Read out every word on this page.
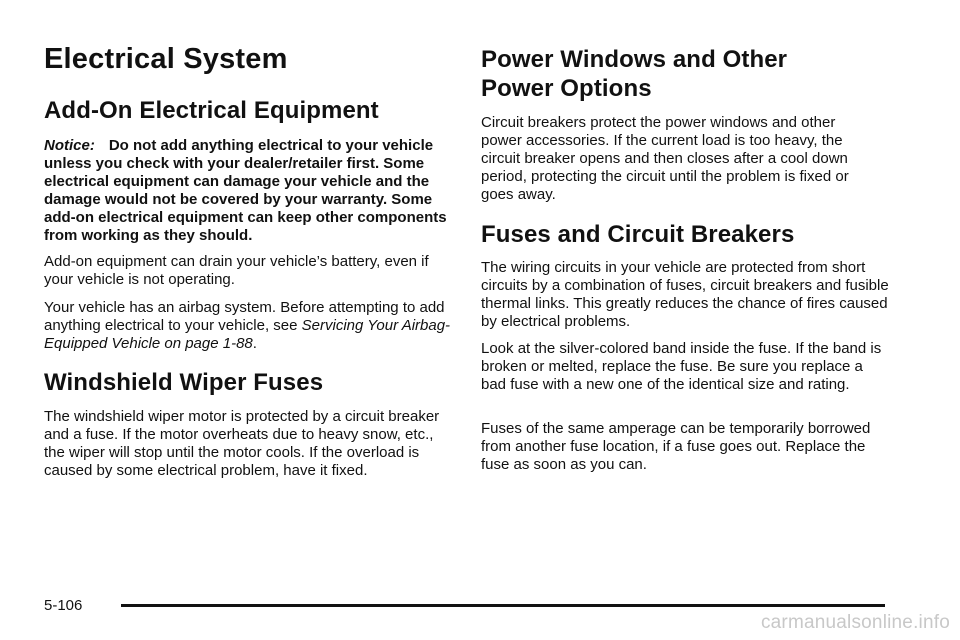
Electrical System
Add-On Electrical Equipment

Notice: Do not add anything electrical to your vehicle unless you check with your dealer/retailer first. Some electrical equipment can damage your vehicle and the damage would not be covered by your warranty. Some add-on electrical equipment can keep other components from working as they should.

Add-on equipment can drain your vehicle’s battery, even if your vehicle is not operating.

Your vehicle has an airbag system. Before attempting to add anything electrical to your vehicle, see Servicing Your Airbag-Equipped Vehicle on page 1-88.

Windshield Wiper Fuses

The windshield wiper motor is protected by a circuit breaker and a fuse. If the motor overheats due to heavy snow, etc., the wiper will stop until the motor cools. If the overload is caused by some electrical problem, have it fixed.

Power Windows and Other
Power Options

Circuit breakers protect the power windows and other power accessories. If the current load is too heavy, the circuit breaker opens and then closes after a cool down period, protecting the circuit until the problem is fixed or goes away.

Fuses and Circuit Breakers

The wiring circuits in your vehicle are protected from short circuits by a combination of fuses, circuit breakers and fusible thermal links. This greatly reduces the chance of fires caused by electrical problems.

Look at the silver-colored band inside the fuse. If the band is broken or melted, replace the fuse. Be sure you replace a bad fuse with a new one of the identical size and rating.

Fuses of the same amperage can be temporarily borrowed from another fuse location, if a fuse goes out. Replace the fuse as soon as you can.

5-106
carmanualsonline.info
